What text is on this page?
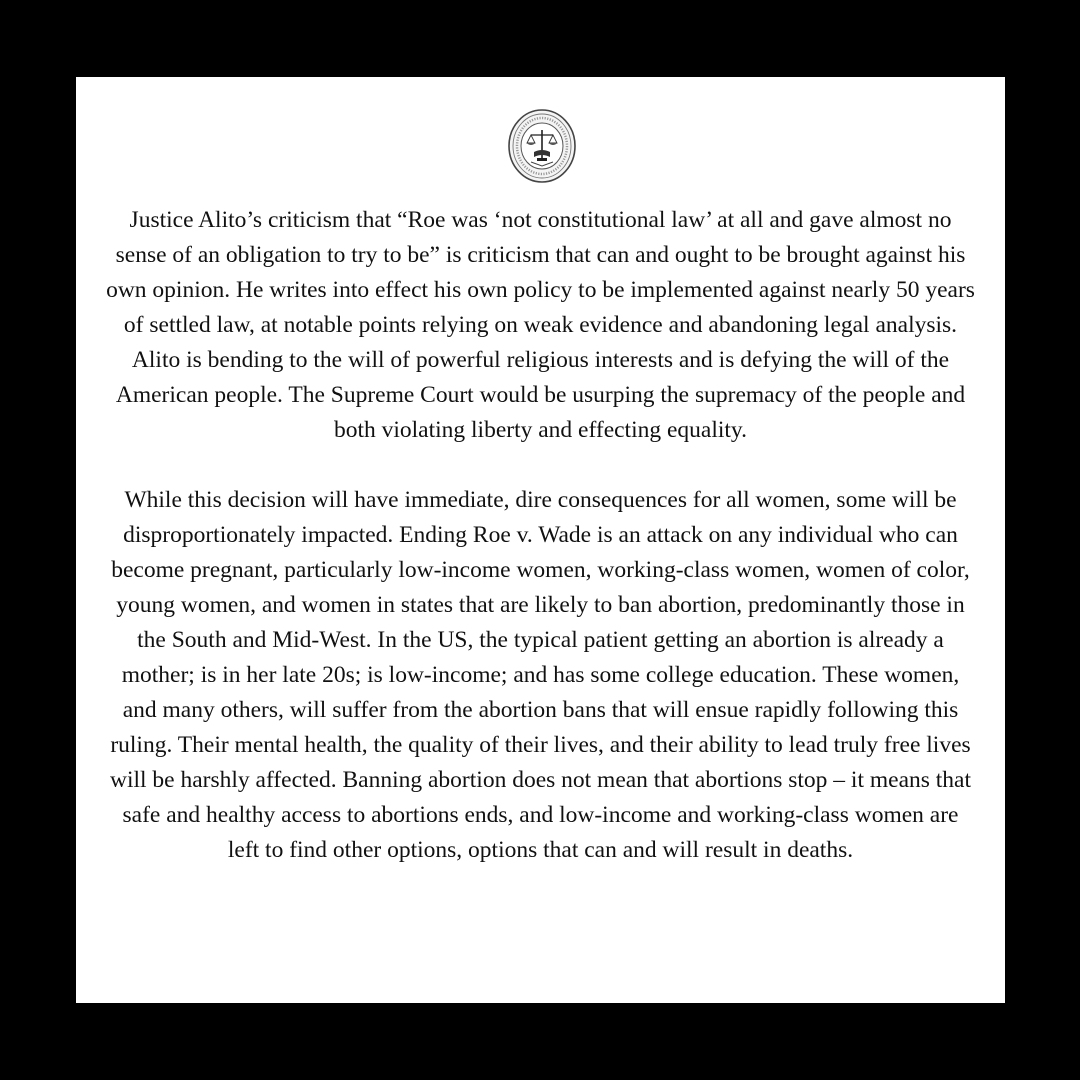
Justice Alito’s criticism that “Roe was ‘not constitutional law’ at all and gave almost no sense of an obligation to try to be” is criticism that can and ought to be brought against his own opinion. He writes into effect his own policy to be implemented against nearly 50 years of settled law, at notable points relying on weak evidence and abandoning legal analysis. Alito is bending to the will of powerful religious interests and is defying the will of the American people. The Supreme Court would be usurping the supremacy of the people and both violating liberty and effecting equality.

While this decision will have immediate, dire consequences for all women, some will be disproportionately impacted. Ending Roe v. Wade is an attack on any individual who can become pregnant, particularly low-income women, working-class women, women of color, young women, and women in states that are likely to ban abortion, predominantly those in the South and Mid-West. In the US, the typical patient getting an abortion is already a mother; is in her late 20s; is low-income; and has some college education. These women, and many others, will suffer from the abortion bans that will ensue rapidly following this ruling. Their mental health, the quality of their lives, and their ability to lead truly free lives will be harshly affected. Banning abortion does not mean that abortions stop – it means that safe and healthy access to abortions ends, and low-income and working-class women are left to find other options, options that can and will result in deaths.
